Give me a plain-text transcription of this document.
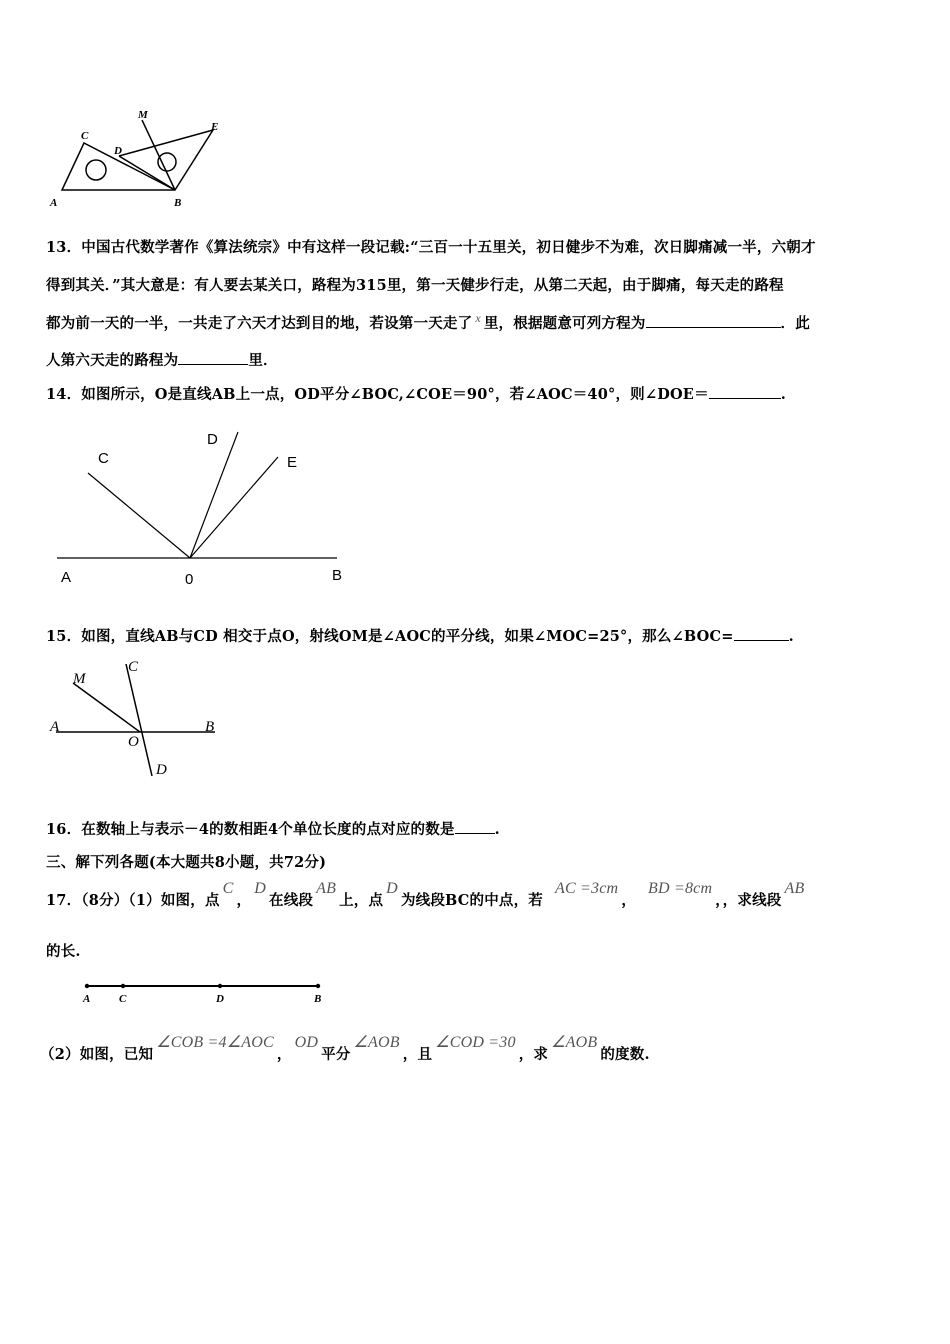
A	B
C
D
E
M
C
D
E
A	0	B
M
C
A	B
O
D
A	C	D	B
13．中国古代数学著作《算法统宗》中有这样一段记载:“三百一十五里关，初日健步不为难，次日脚痛减一半，六朝才
得到其关．”其大意是：有人要去某关口，路程为315里，第一天健步行走，从第二天起，由于脚痛，每天走的路程
都为前一天的一半，一共走了六天才达到目的地，若设第一天走了 $^x$ 里，根据题意可列方程为	．此
人第六天走的路程为	里．
14．如图所示，O是直线AB上一点，OD平分∠BOC,∠COE＝90°，若∠AOC＝40°，则∠DOE＝	.
15．如图，直线AB与CD 相交于点O，射线OM是∠AOC的平分线，如果∠MOC=25°，那么∠BOC=	.
16．在数轴上与表示－4的数相距4个单位长度的点对应的数是	.
三、解下列各题(本大题共8小题，共72分)
17．（8分）（1）如图，点C，D在线段AB上，点D为线段BC的中点，若AC =3cm，BD =8cm，，求线段AB
的长.
（2）如图，已知∠COB =4∠AOC，OD平分∠AOB，且∠COD =30，求∠AOB的度数.
